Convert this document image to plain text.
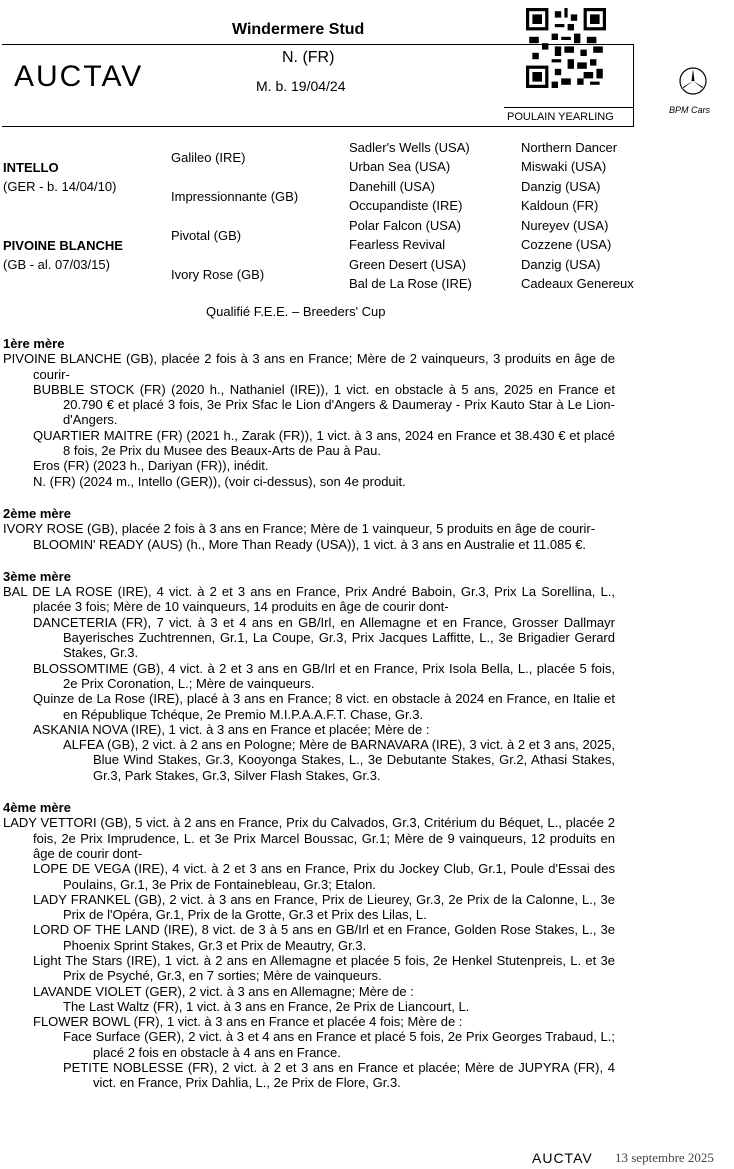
Windermere Stud
N. (FR)
M. b. 19/04/24
AUCTAV
POULAIN YEARLING
BPM Cars
INTELLO
(GER - b. 14/04/10)
PIVOINE BLANCHE
(GB - al. 07/03/15)
Galileo (IRE)
Impressionnante (GB)
Pivotal (GB)
Ivory Rose (GB)
Sadler's Wells (USA)
Urban Sea (USA)
Danehill (USA)
Occupandiste (IRE)
Polar Falcon (USA)
Fearless Revival
Green Desert (USA)
Bal de La Rose (IRE)
Northern Dancer
Miswaki (USA)
Danzig (USA)
Kaldoun (FR)
Nureyev (USA)
Cozzene (USA)
Danzig (USA)
Cadeaux Genereux
Qualifié F.E.E. – Breeders' Cup
1ère mère
PIVOINE BLANCHE (GB), placée 2 fois à 3 ans en France; Mère de 2 vainqueurs, 3 produits en âge de courir-
BUBBLE STOCK (FR) (2020 h., Nathaniel (IRE)), 1 vict. en obstacle à 5 ans, 2025 en France et 20.790 € et placé 3 fois, 3e Prix Sfac le Lion d'Angers & Daumeray - Prix Kauto Star à Le Lion-d'Angers.
QUARTIER MAITRE (FR) (2021 h., Zarak (FR)), 1 vict. à 3 ans, 2024 en France et 38.430 € et placé 8 fois, 2e Prix du Musee des Beaux-Arts de Pau à Pau.
Eros (FR) (2023 h., Dariyan (FR)), inédit.
N. (FR) (2024 m., Intello (GER)), (voir ci-dessus), son 4e produit.
2ème mère
IVORY ROSE (GB), placée 2 fois à 3 ans en France; Mère de 1 vainqueur, 5 produits en âge de courir-
BLOOMIN' READY (AUS) (h., More Than Ready (USA)), 1 vict. à 3 ans en Australie et 11.085 €.
3ème mère
BAL DE LA ROSE (IRE), 4 vict. à 2 et 3 ans en France, Prix André Baboin, Gr.3, Prix La Sorellina, L., placée 3 fois; Mère de 10 vainqueurs, 14 produits en âge de courir dont-
DANCETERIA (FR), 7 vict. à 3 et 4 ans en GB/Irl, en Allemagne et en France, Grosser Dallmayr Bayerisches Zuchtrennen, Gr.1, La Coupe, Gr.3, Prix Jacques Laffitte, L., 3e Brigadier Gerard Stakes, Gr.3.
BLOSSOMTIME (GB), 4 vict. à 2 et 3 ans en GB/Irl et en France, Prix Isola Bella, L., placée 5 fois, 2e Prix Coronation, L.; Mère de vainqueurs.
Quinze de La Rose (IRE), placé à 3 ans en France; 8 vict. en obstacle à 2024 en France, en Italie et en République Tchéque, 2e Premio M.I.P.A.A.F.T. Chase, Gr.3.
ASKANIA NOVA (IRE), 1 vict. à 3 ans en France et placée; Mère de :
ALFEA (GB), 2 vict. à 2 ans en Pologne; Mère de BARNAVARA (IRE), 3 vict. à 2 et 3 ans, 2025, Blue Wind Stakes, Gr.3, Kooyonga Stakes, L., 3e Debutante Stakes, Gr.2, Athasi Stakes, Gr.3, Park Stakes, Gr.3, Silver Flash Stakes, Gr.3.
4ème mère
LADY VETTORI (GB), 5 vict. à 2 ans en France, Prix du Calvados, Gr.3, Critérium du Béquet, L., placée 2 fois, 2e Prix Imprudence, L. et 3e Prix Marcel Boussac, Gr.1; Mère de 9 vainqueurs, 12 produits en âge de courir dont-
LOPE DE VEGA (IRE), 4 vict. à 2 et 3 ans en France, Prix du Jockey Club, Gr.1, Poule d'Essai des Poulains, Gr.1, 3e Prix de Fontainebleau, Gr.3; Etalon.
LADY FRANKEL (GB), 2 vict. à 3 ans en France, Prix de Lieurey, Gr.3, 2e Prix de la Calonne, L., 3e Prix de l'Opéra, Gr.1, Prix de la Grotte, Gr.3 et Prix des Lilas, L.
LORD OF THE LAND (IRE), 8 vict. de 3 à 5 ans en GB/Irl et en France, Golden Rose Stakes, L., 3e Phoenix Sprint Stakes, Gr.3 et Prix de Meautry, Gr.3.
Light The Stars (IRE), 1 vict. à 2 ans en Allemagne et placée 5 fois, 2e Henkel Stutenpreis, L. et 3e Prix de Psyché, Gr.3, en 7 sorties; Mère de vainqueurs.
LAVANDE VIOLET (GER), 2 vict. à 3 ans en Allemagne; Mère de :
The Last Waltz (FR), 1 vict. à 3 ans en France, 2e Prix de Liancourt, L.
FLOWER BOWL (FR), 1 vict. à 3 ans en France et placée 4 fois; Mère de :
Face Surface (GER), 2 vict. à 3 et 4 ans en France et placé 5 fois, 2e Prix Georges Trabaud, L.; placé 2 fois en obstacle à 4 ans en France.
PETITE NOBLESSE (FR), 2 vict. à 2 et 3 ans en France et placée; Mère de JUPYRA (FR), 4 vict. en France, Prix Dahlia, L., 2e Prix de Flore, Gr.3.
AUCTAV 13 septembre 2025
